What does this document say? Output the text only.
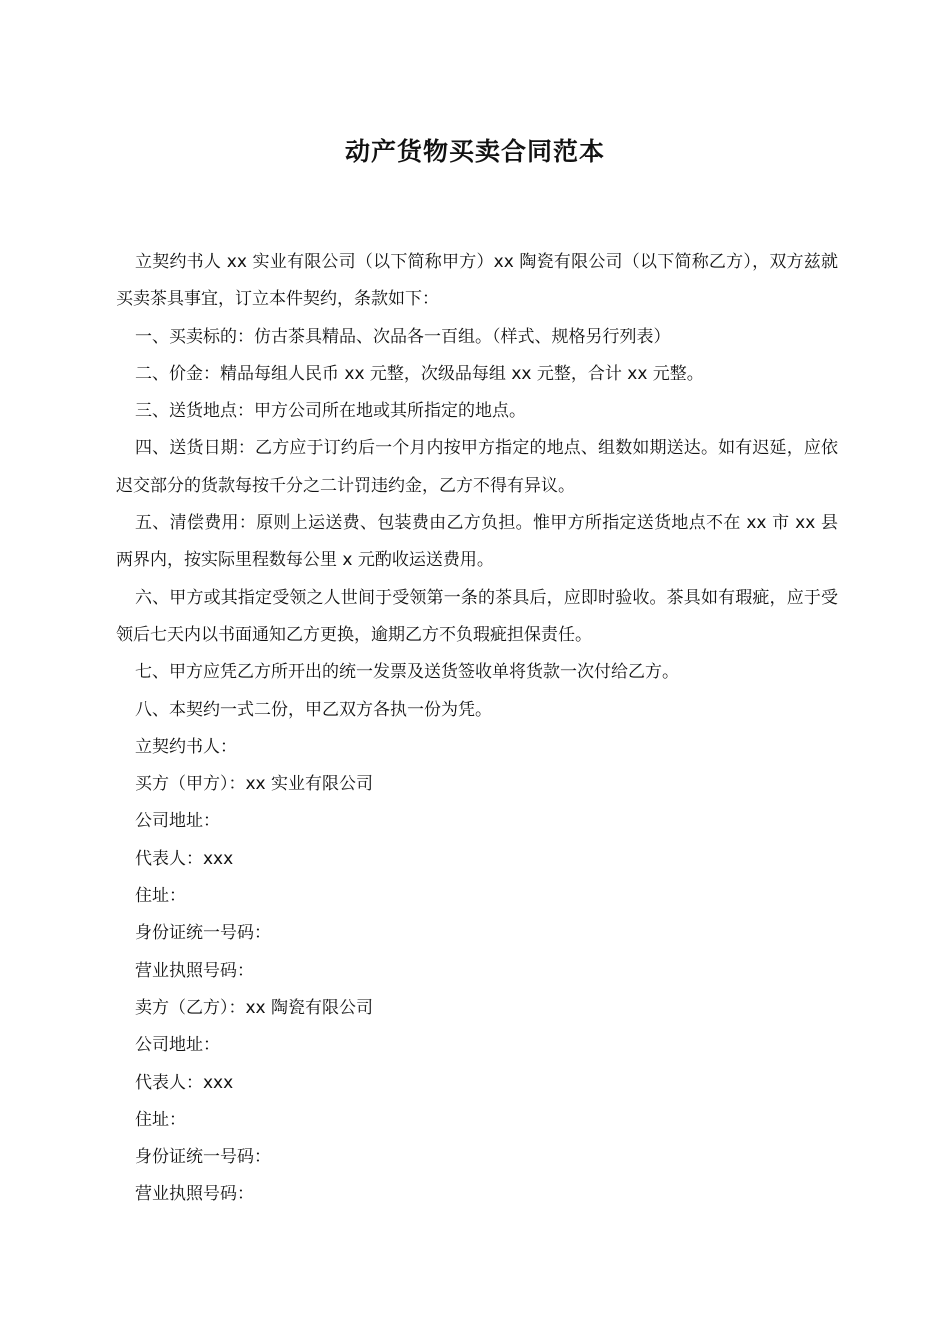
动产货物买卖合同范本

立契约书人 xx 实业有限公司（以下简称甲方）xx 陶瓷有限公司（以下简称乙方），双方兹就买卖茶具事宜，订立本件契约，条款如下：

一、买卖标的：仿古茶具精品、次品各一百组。（样式、规格另行列表）

二、价金：精品每组人民币 xx 元整，次级品每组 xx 元整，合计 xx 元整。

三、送货地点：甲方公司所在地或其所指定的地点。

四、送货日期：乙方应于订约后一个月内按甲方指定的地点、组数如期送达。如有迟延，应依迟交部分的货款每按千分之二计罚违约金，乙方不得有异议。

五、清偿费用：原则上运送费、包装费由乙方负担。惟甲方所指定送货地点不在 xx 市 xx 县两界内，按实际里程数每公里 x 元酌收运送费用。

六、甲方或其指定受领之人世间于受领第一条的茶具后，应即时验收。茶具如有瑕疵，应于受领后七天内以书面通知乙方更换，逾期乙方不负瑕疵担保责任。

七、甲方应凭乙方所开出的统一发票及送货签收单将货款一次付给乙方。

八、本契约一式二份，甲乙双方各执一份为凭。

立契约书人：

买方（甲方）：xx 实业有限公司

公司地址：

代表人：xxx

住址：

身份证统一号码：

营业执照号码：

卖方（乙方）：xx 陶瓷有限公司

公司地址：

代表人：xxx

住址：

身份证统一号码：

营业执照号码：
